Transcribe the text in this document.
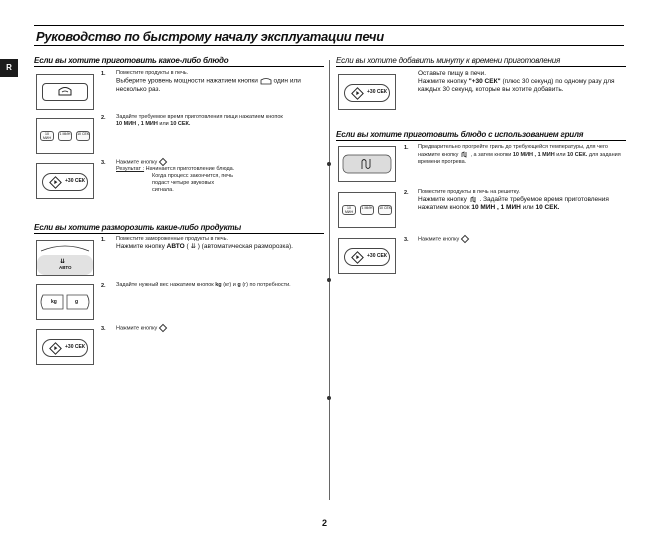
Руководство по быстрому началу эксплуатации печи
R
Если вы хотите приготовить какое-либо блюдо
1. Поместите продукты в печь.
Выберите уровень мощности нажатием кнопки один или несколько раз.
10 МИН
1 МИН	10 СЕК
2. Задайте требуемое время приготовления пищи нажатием кнопок
10 МИН , 1 МИН или 10 СЕК.
+30 СЕК
3. Нажмите кнопку
Результат : Начинается приготовление блюда.
Когда процесс закончится, печь подаст четыре звуковых сигнала.
Если вы хотите разморозить какие-либо продукты
⇊
АВТО
1. Поместите замороженные продукты в печь.
Нажмите кнопку АВТО ( ⇊ ) (автоматическая разморозка).
kg	g
2. Задайте нужный вес нажатием кнопок kg (кг) и g (г) по потребности.
+30 СЕК
3. Нажмите кнопку
Если вы хотите добавить минуту к времени приготовления
+30 СЕК
Оставьте пищу в печи.
Нажмите кнопку "+30 СЕК" (плюс 30 секунд) по одному разу для каждых 30 секунд, которые вы хотите добавить.
Если вы хотите приготовить блюдо с использованием гриля
1. Предварительно прогрейте гриль до требующейся температуры, для чего нажмите кнопку , а затем кнопки 10 МИН , 1 МИН или 10 СЕК. для задания времени прогрева.
10 МИН
1 МИН	10 СЕК
2. Поместите продукты в печь на решетку.
Нажмите кнопку . Задайте требуемое время приготовления нажатием кнопок 10 МИН , 1 МИН или 10 СЕК.
+30 СЕК
3. Нажмите кнопку
2
